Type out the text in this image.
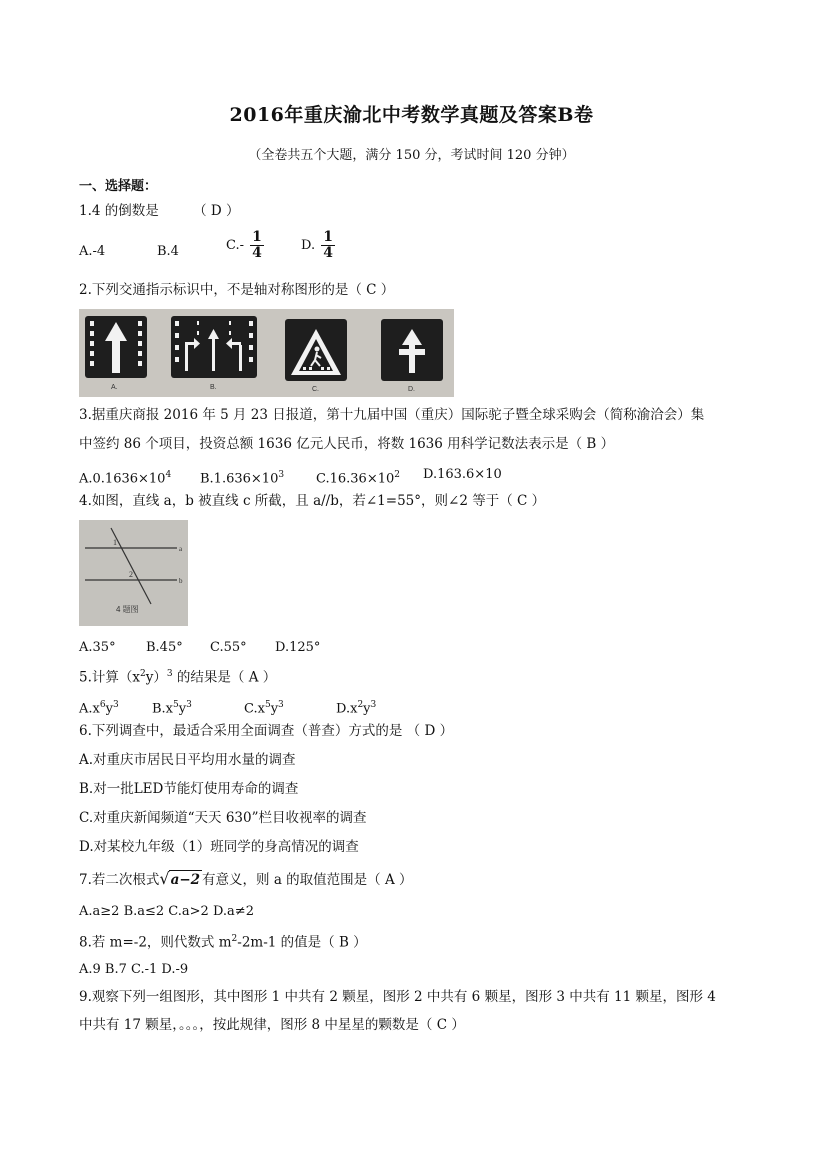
2016年重庆渝北中考数学真题及答案B卷
（全卷共五个大题，满分 150 分，考试时间 120 分钟）
一、选择题：
1.4 的倒数是	（ D ）
A.-4	B.4	$C.- \frac{1}{4}$	D. $\frac{1}{4}$
2.下列交通指示标识中，不是轴对称图形的是（ C ）
A.	B.	C.	D.
3.据重庆商报 2016 年 5 月 23 日报道，第十九届中国（重庆）国际驼子暨全球采购会（简称渝洽会）集
中签约 86 个项目，投资总额 1636 亿元人民币，将数 1636 用科学记数法表示是（ B ）
$A.0.1636\times 10^4$ $B.1.636\times 10^3$ $C.16.36\times 10^2$ D.163.6×10
4.如图，直线 a，b 被直线 c 所截，且 a//b，若∠1=55°，则∠2 等于（ C ）
a
b
1
2
4 题图
A.35° B.45° C.55° D.125°
5.计算$(x^2y)^3$ 的结果是（ A ）
$A.x^6y^3$	$B.x^5y^3$	$C.x^5y^3$	$D.x^2y^3$
6.下列调查中，最适合采用全面调查（普查）方式的是 （ D ）
A.对重庆市居民日平均用水量的调查
B.对一批LED节能灯使用寿命的调查
C.对重庆新闻频道“天天 630”栏目收视率的调查
D.对某校九年级（1）班同学的身高情况的调查
7.若二次根式√a−2 有意义，则 a 的取值范围是（ A ）
A.a≥2 B.a≤2 C.a>2 D.a≠2
8.若 m=-2，则代数式 $m^2-2m-1$ 的值是（ B ）
A.9 B.7 C.-1 D.-9
9.观察下列一组图形，其中图形 1 中共有 2 颗星，图形 2 中共有 6 颗星，图形 3 中共有 11 颗星，图形 4
中共有 17 颗星，。。。，按此规律，图形 8 中星星的颗数是（ C ）
